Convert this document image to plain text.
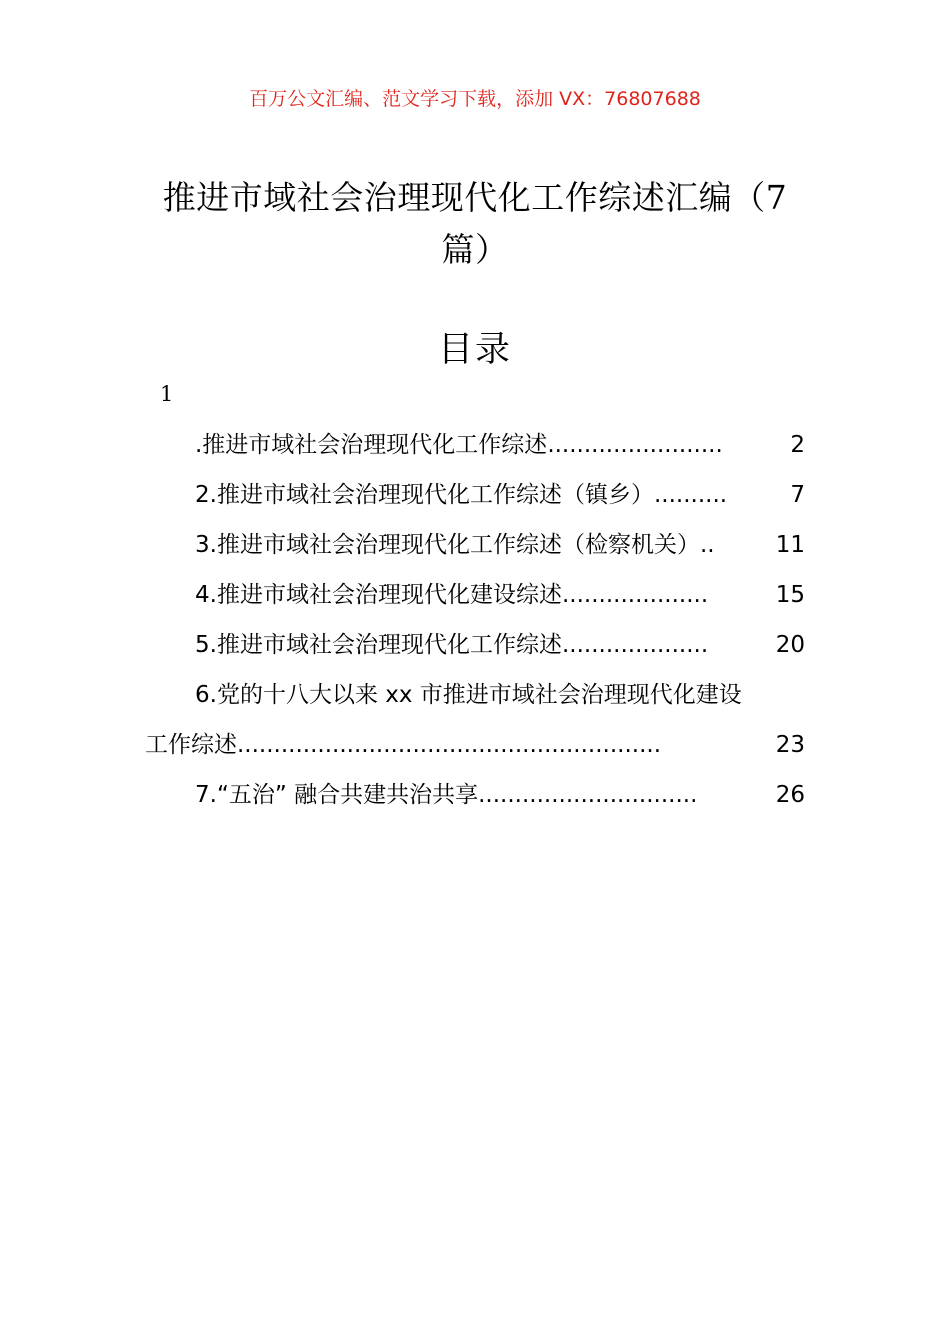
百万公文汇编、范文学习下载，添加 VX：76807688
推进市域社会治理现代化工作综述汇编（7
篇）
目录
1
.推进市域社会治理现代化工作综述........................	2
2.推进市域社会治理现代化工作综述（镇乡）..........	7
3.推进市域社会治理现代化工作综述（检察机关）..	11
4.推进市域社会治理现代化建设综述....................	15
5.推进市域社会治理现代化工作综述....................	20
6.党的十八大以来 xx 市推进市域社会治理现代化建设
工作综述..........................................................	23
7.“五治” 融合共建共治共享..............................	26
